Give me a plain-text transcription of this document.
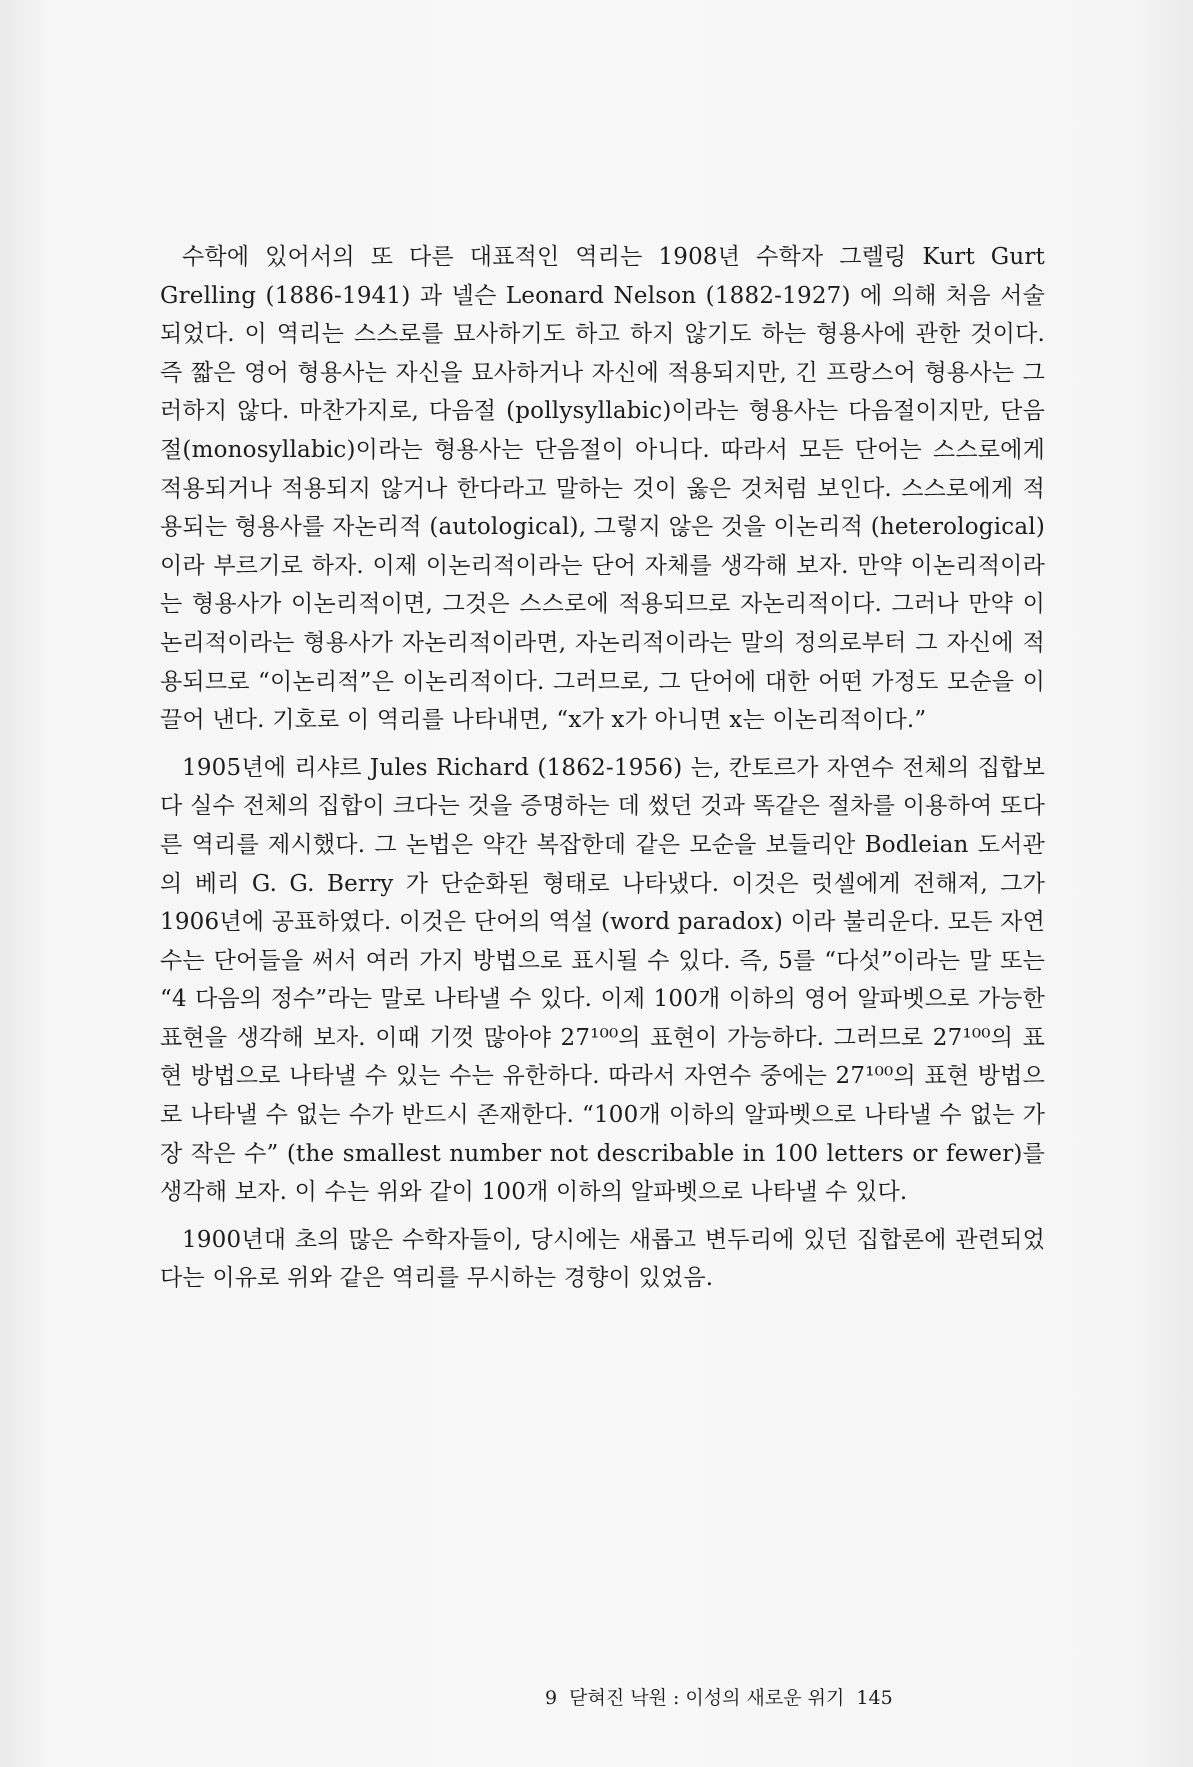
수학에 있어서의 또 다른 대표적인 역리는 1908년 수학자 그렐링 Kurt Gurt Grelling (1886-1941) 과 넬슨 Leonard Nelson (1882-1927) 에 의해 처음 서술되었다. 이 역리는 스스로를 묘사하기도 하고 하지 않기도 하는 형용사에 관한 것이다. 즉 짧은 영어 형용사는 자신을 묘사하거나 자신에 적용되지만, 긴 프랑스어 형용사는 그러하지 않다. 마찬가지로, 다음절 (pollysyllabic)이라는 형용사는 다음절이지만, 단음절(monosyllabic)이라는 형용사는 단음절이 아니다. 따라서 모든 단어는 스스로에게 적용되거나 적용되지 않거나 한다라고 말하는 것이 옳은 것처럼 보인다. 스스로에게 적용되는 형용사를 자논리적 (autological), 그렇지 않은 것을 이논리적 (heterological) 이라 부르기로 하자. 이제 이논리적이라는 단어 자체를 생각해 보자. 만약 이논리적이라는 형용사가 이논리적이면, 그것은 스스로에 적용되므로 자논리적이다. 그러나 만약 이논리적이라는 형용사가 자논리적이라면, 자논리적이라는 말의 정의로부터 그 자신에 적용되므로 “이논리적”은 이논리적이다. 그러므로, 그 단어에 대한 어떤 가정도 모순을 이끌어 낸다. 기호로 이 역리를 나타내면, “x가 x가 아니면 x는 이논리적이다.”

1905년에 리샤르 Jules Richard (1862-1956) 는, 칸토르가 자연수 전체의 집합보다 실수 전체의 집합이 크다는 것을 증명하는 데 썼던 것과 똑같은 절차를 이용하여 또다른 역리를 제시했다. 그 논법은 약간 복잡한데 같은 모순을 보들리안 Bodleian 도서관의 베리 G. G. Berry 가 단순화된 형태로 나타냈다. 이것은 럿셀에게 전해져, 그가 1906년에 공표하였다. 이것은 단어의 역설 (word paradox) 이라 불리운다. 모든 자연수는 단어들을 써서 여러 가지 방법으로 표시될 수 있다. 즉, 5를 “다섯”이라는 말 또는 “4 다음의 정수”라는 말로 나타낼 수 있다. 이제 100개 이하의 영어 알파벳으로 가능한 표현을 생각해 보자. 이때 기껏 많아야 27¹⁰⁰의 표현이 가능하다. 그러므로 27¹⁰⁰의 표현 방법으로 나타낼 수 있는 수는 유한하다. 따라서 자연수 중에는 27¹⁰⁰의 표현 방법으로 나타낼 수 없는 수가 반드시 존재한다. “100개 이하의 알파벳으로 나타낼 수 없는 가장 작은 수” (the smallest number not describable in 100 letters or fewer)를 생각해 보자. 이 수는 위와 같이 100개 이하의 알파벳으로 나타낼 수 있다.

1900년대 초의 많은 수학자들이, 당시에는 새롭고 변두리에 있던 집합론에 관련되었다는 이유로 위와 같은 역리를 무시하는 경향이 있었음.

9 닫혀진 낙원 : 이성의 새로운 위기 145
